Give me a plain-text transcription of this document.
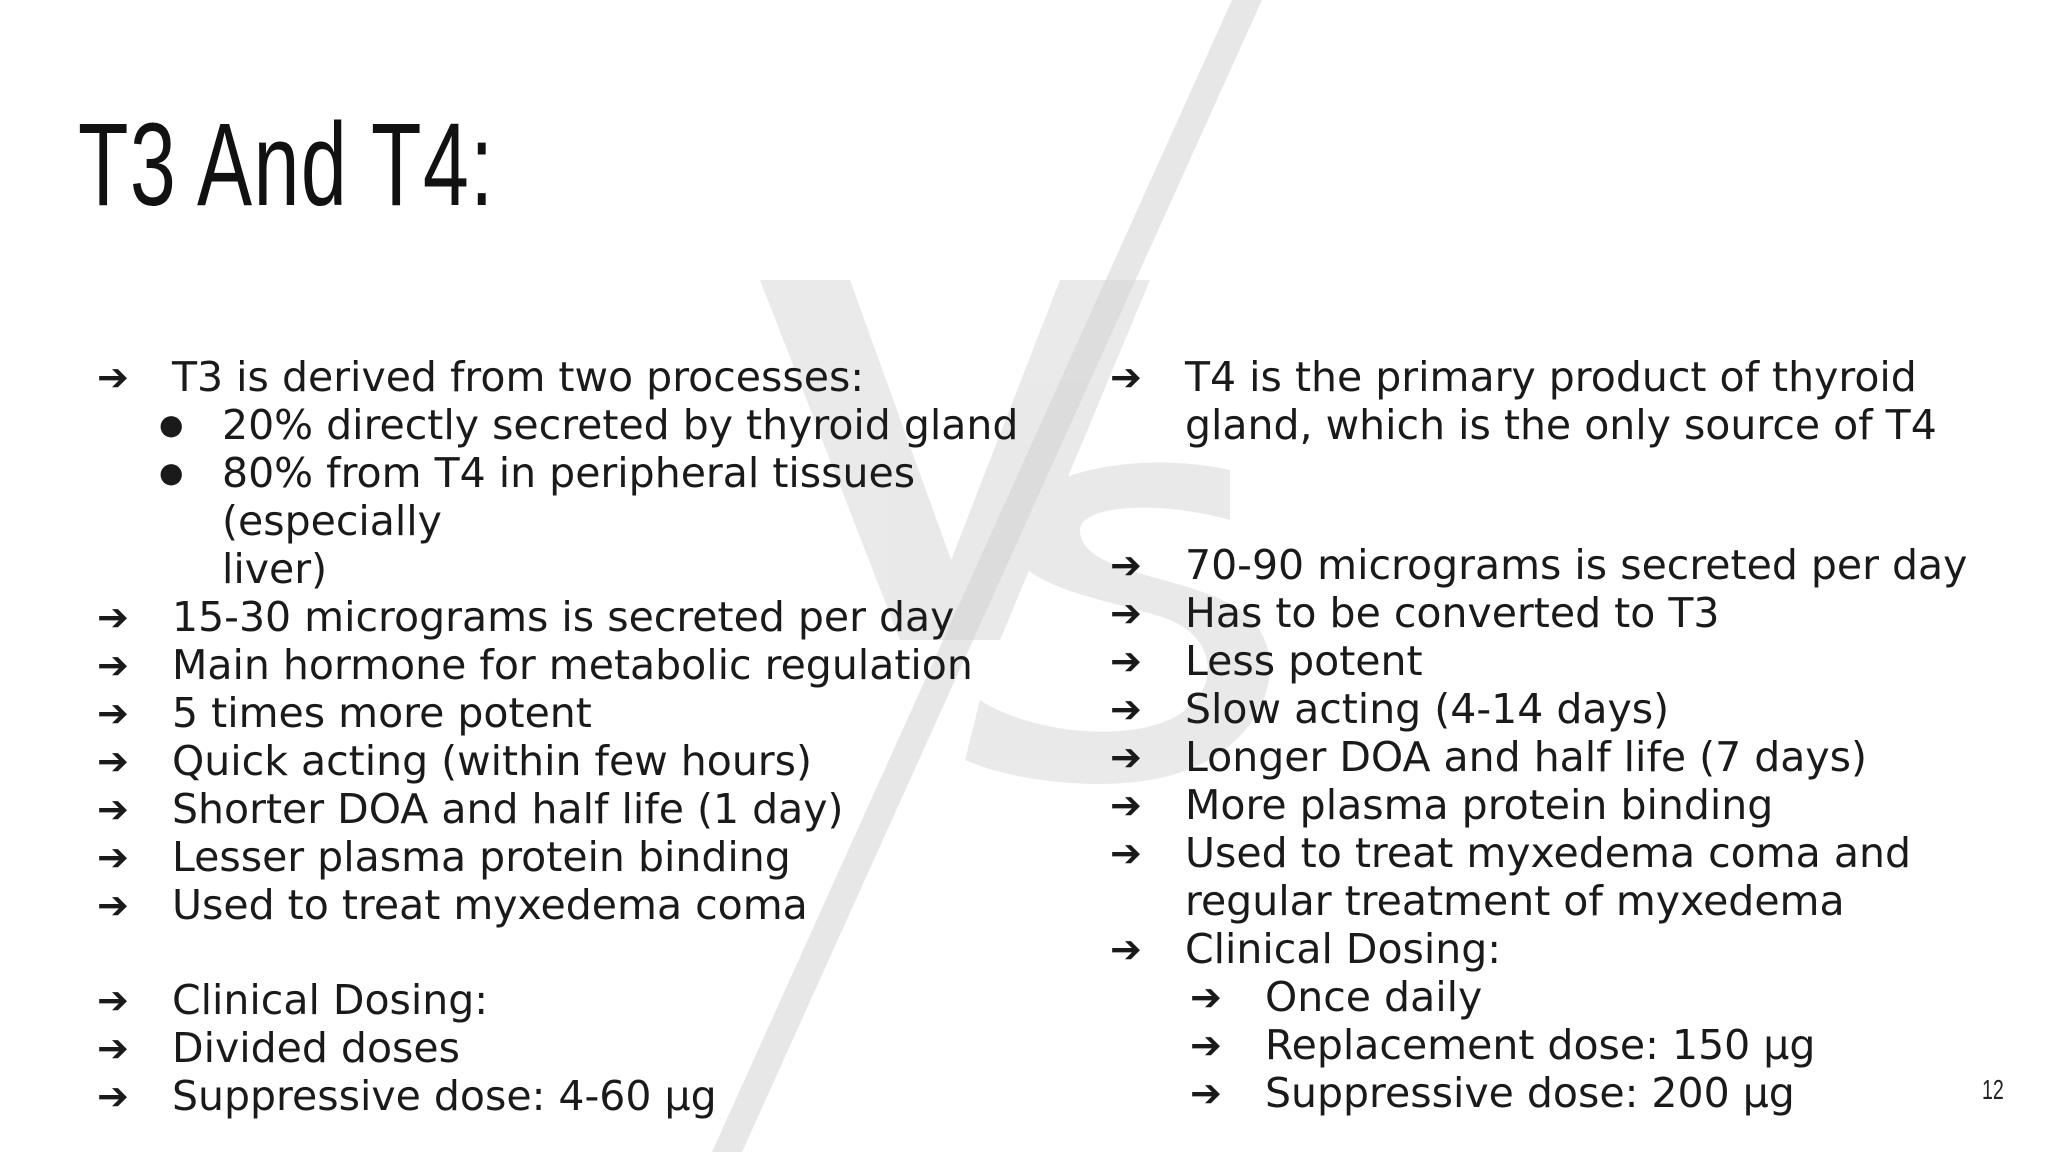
T3 And T4:
➔ T3 is derived from two processes:
● 20% directly secreted by thyroid gland
● 80% from T4 in peripheral tissues (especially
liver)
➔ 15-30 micrograms is secreted per day
➔ Main hormone for metabolic regulation
➔ 5 times more potent
➔ Quick acting (within few hours)
➔ Shorter DOA and half life (1 day)
➔ Lesser plasma protein binding
➔ Used to treat myxedema coma
➔ Clinical Dosing:
➔ Divided doses
➔ Suppressive dose: 4-60 µg
➔ T4 is the primary product of thyroid
gland, which is the only source of T4
➔ 70-90 micrograms is secreted per day
➔ Has to be converted to T3
➔ Less potent
➔ Slow acting (4-14 days)
➔ Longer DOA and half life (7 days)
➔ More plasma protein binding
➔ Used to treat myxedema coma and
regular treatment of myxedema
➔ Clinical Dosing:
➔ Once daily
➔ Replacement dose: 150 µg
➔ Suppressive dose: 200 µg	12
